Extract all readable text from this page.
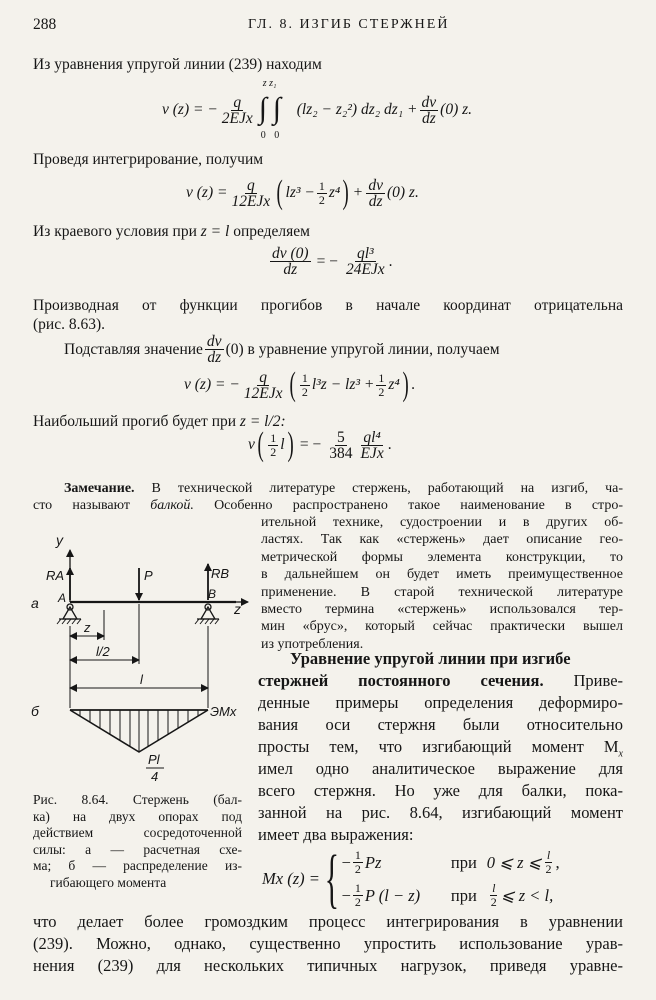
288	ГЛ. 8. ИЗГИБ СТЕРЖНЕЙ
Из уравнения упругой линии (239) находим
v (z) = − $\frac{q}{\text{2EJx}}$ ∫ ∫
z z₁
0 0
(lz₂ − z₂²) dz₂ $dz_1 + \frac{dv}{dz} (0)$ z.
Проведя интегрирование, получим
v $(z) = \frac{q}{\text{12EJx}}$ ( $lz^3 - \frac{1}{2} z^4$ ) + $\frac{dv}{dz} (0)$ z.
Из краевого условия при z = l определяем
$\frac{dv (0)}{dz}$ = − $\frac{\text{ql³}}{\text{24EJx}}$ .
Производная от функции прогибов в начале координат отрицательна
(рис. 8.63).
Подставляя значение $\frac{dv}{dz} (0)$ в уравнение упругой линии, получаем
v (z) = − $\frac{q}{\text{12EJx}}$ ( $\frac{1}{2} l^3z - lz^3 + \frac{1}{2} z^4$ ) .
Наибольший прогиб будет при z = l/2:
v ( $\frac{1}{2}$ l ) = − $\frac{5}{384} \frac{\text{ql⁴}}{\text{EJx}}$ .
Замечание. В технической литературе стержень, работающий на изгиб, ча-
сто называют балкой. Особенно распространено такое наименование в стро-
ительной технике, судостроении и в других об-
ластях. Так как «стержень» дает описание гео-
метрической формы элемента конструкции, то
в дальнейшем он будет иметь преимущественное
применение. В старой технической литературе
вместо термина «стержень» использовался тер-
мин «брус», который сейчас практически вышел
из употребления.
Уравнение упругой линии при изгибе
стержней постоянного сечения. Приве-
денные примеры определения деформиро-
вания оси стержня были относительно
просты тем, что изгибающий момент $M_x$
имел одно аналитическое выражение для
всего стержня. Но уже для балки, пока-
занной на рис. 8.64, изгибающий момент
имеет два выражения:
Mx (z) = { − $\frac{1}{2}$ Pz	при 0 ⩽ z ⩽ $\frac{l}{2}$ ,
− $\frac{1}{2}$ P (l − z)	при $\frac{l}{2}$ ⩽ z < l,
что делает более громоздким процесс интегрирования в уравнении
(239). Можно, однако, существенно упростить использование урав-
нения (239) для нескольких типичных нагрузок, приведя уравне-
y
z
а
б
A	B
RA	RB
P
z
l/2
l
ЭMx
Pl
4
Рис. 8.64. Стержень (бал-
ка) на двух опорах под
действием сосредоточенной
силы: а — расчетная схе-
ма; б — распределение из-
гибающего момента
